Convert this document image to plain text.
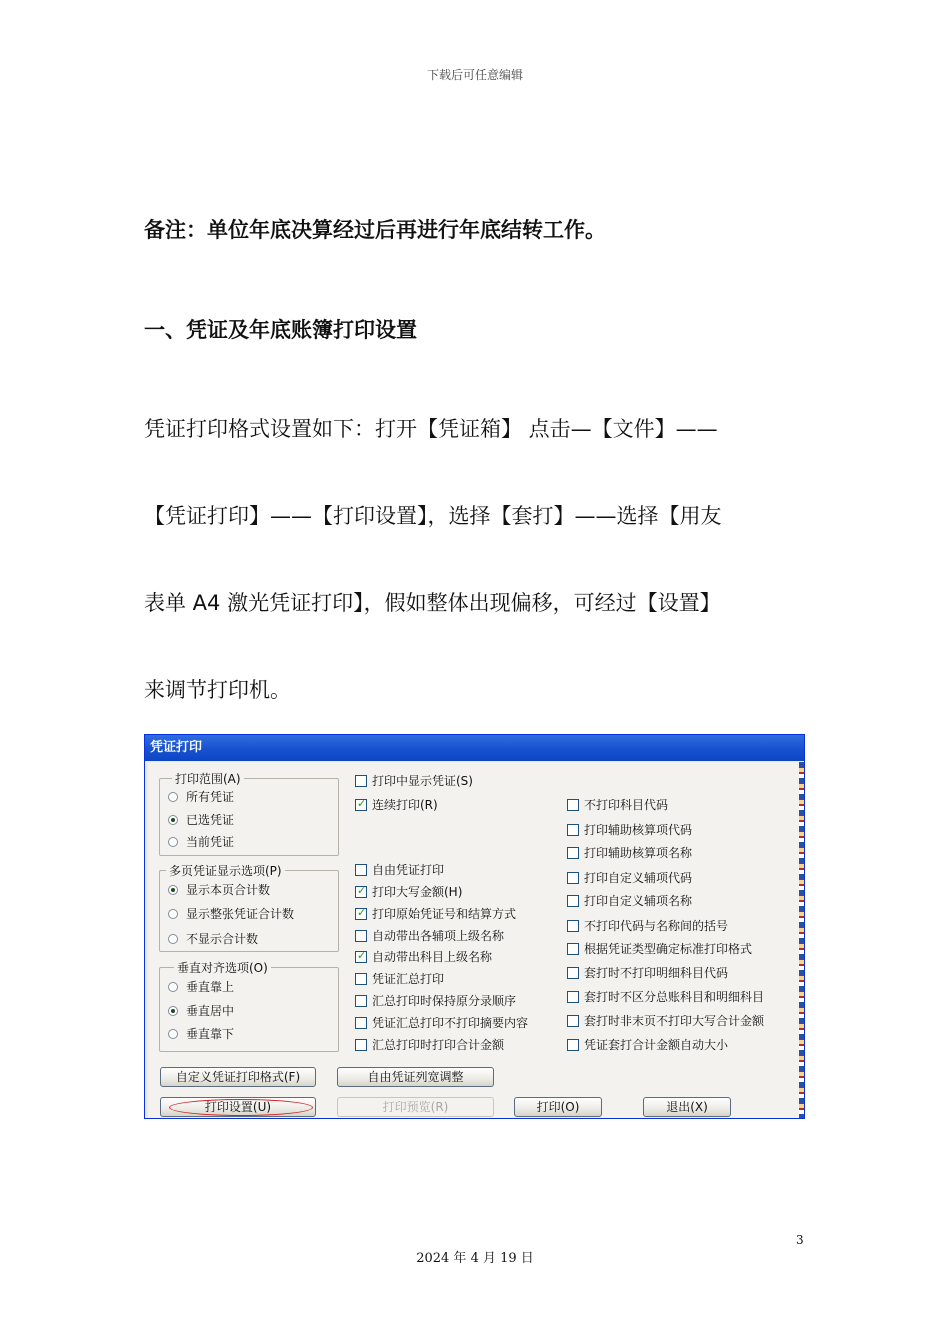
下载后可任意编辑
备注：单位年底决算经过后再进行年底结转工作。
一、凭证及年底账簿打印设置
凭证打印格式设置如下：打开【凭证箱】 点击—【文件】——
【凭证打印】——【打印设置】，选择【套打】——选择【用友
表单 A4 激光凭证打印】，假如整体出现偏移，可经过【设置】
来调节打印机。
凭证打印
打印范围(A)
所有凭证
已选凭证
当前凭证
多页凭证显示选项(P)
显示本页合计数
显示整张凭证合计数
不显示合计数
垂直对齐选项(O)
垂直靠上
垂直居中
垂直靠下
打印中显示凭证(S)
✓连续打印(R)
自由凭证打印
✓打印大写金额(H)
✓打印原始凭证号和结算方式
自动带出各辅项上级名称
✓自动带出科目上级名称
凭证汇总打印
汇总打印时保持原分录顺序
凭证汇总打印不打印摘要内容
汇总打印时打印合计金额
不打印科目代码
打印辅助核算项代码
打印辅助核算项名称
打印自定义辅项代码
打印自定义辅项名称
不打印代码与名称间的括号
根据凭证类型确定标准打印格式
套打时不打印明细科目代码
套打时不区分总账科目和明细科目
套打时非末页不打印大写合计金额
凭证套打合计金额自动大小
自定义凭证打印格式(F)	自由凭证列宽调整
打印设置(U)	打印预览(R)	打印(O)	退出(X)
3
2024 年 4 月 19 日
